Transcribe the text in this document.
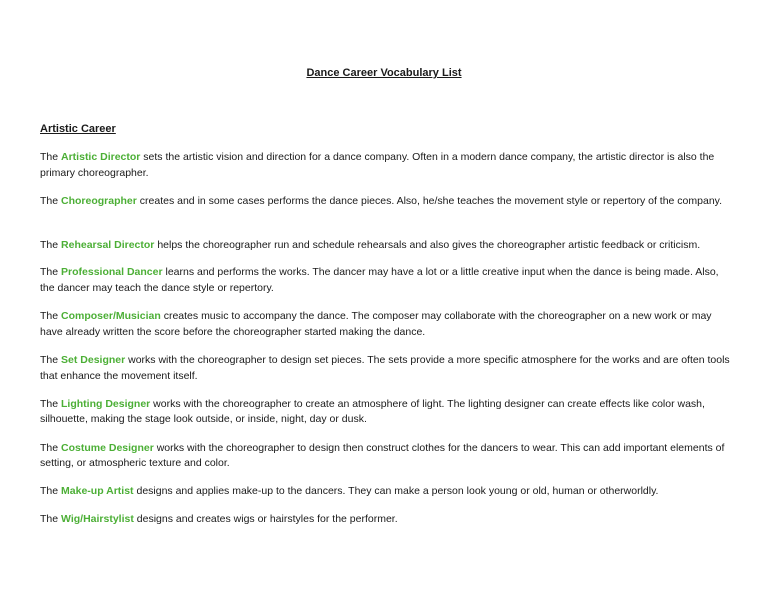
Dance Career Vocabulary List
Artistic Career
The Artistic Director sets the artistic vision and direction for a dance company. Often in a modern dance company, the artistic director is also the primary choreographer.
The Choreographer creates and in some cases performs the dance pieces. Also, he/she teaches the movement style or repertory of the company.
The Rehearsal Director helps the choreographer run and schedule rehearsals and also gives the choreographer artistic feedback or criticism.
The Professional Dancer learns and performs the works. The dancer may have a lot or a little creative input when the dance is being made. Also, the dancer may teach the dance style or repertory.
The Composer/Musician creates music to accompany the dance. The composer may collaborate with the choreographer on a new work or may have already written the score before the choreographer started making the dance.
The Set Designer works with the choreographer to design set pieces. The sets provide a more specific atmosphere for the works and are often tools that enhance the movement itself.
The Lighting Designer works with the choreographer to create an atmosphere of light. The lighting designer can create effects like color wash, silhouette, making the stage look outside, or inside, night, day or dusk.
The Costume Designer works with the choreographer to design then construct clothes for the dancers to wear. This can add important elements of setting, or atmospheric texture and color.
The Make-up Artist designs and applies make-up to the dancers. They can make a person look young or old, human or otherworldly.
The Wig/Hairstylist designs and creates wigs or hairstyles for the performer.
